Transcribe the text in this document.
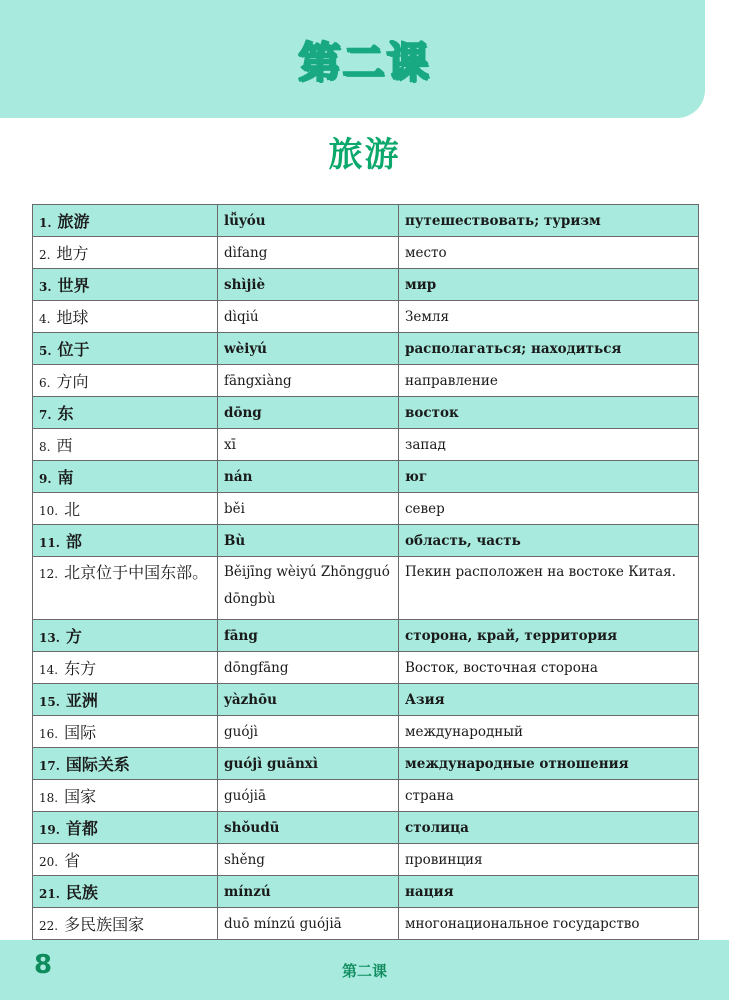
第二课
旅游
1. 旅游	lǚyóu	путешествовать; туризм
2. 地方	dìfang	место
3. 世界	shìjiè	мир
4. 地球	dìqiú	Земля
5. 位于	wèiyú	располагаться; находиться
6. 方向	fāngxiàng	направление
7. 东	dōng	восток
8. 西	xī	запад
9. 南	nán	юг
10. 北	běi	север
11. 部	Bù	область, часть
12. 北京位于中国东部。	Běijīng wèiyú Zhōngguó dōngbù	Пекин расположен на востоке Китая.
13. 方	fāng	сторона, край, территория
14. 东方	dōngfāng	Восток, восточная сторона
15. 亚洲	yàzhōu	Азия
16. 国际	guójì	международный
17. 国际关系	guójì guānxì	международные отношения
18. 国家	guójiā	страна
19. 首都	shǒudū	столица
20. 省	shěng	провинция
21. 民族	mínzú	нация
22. 多民族国家	duō mínzú guójiā	многонациональное государство
8	第二课
